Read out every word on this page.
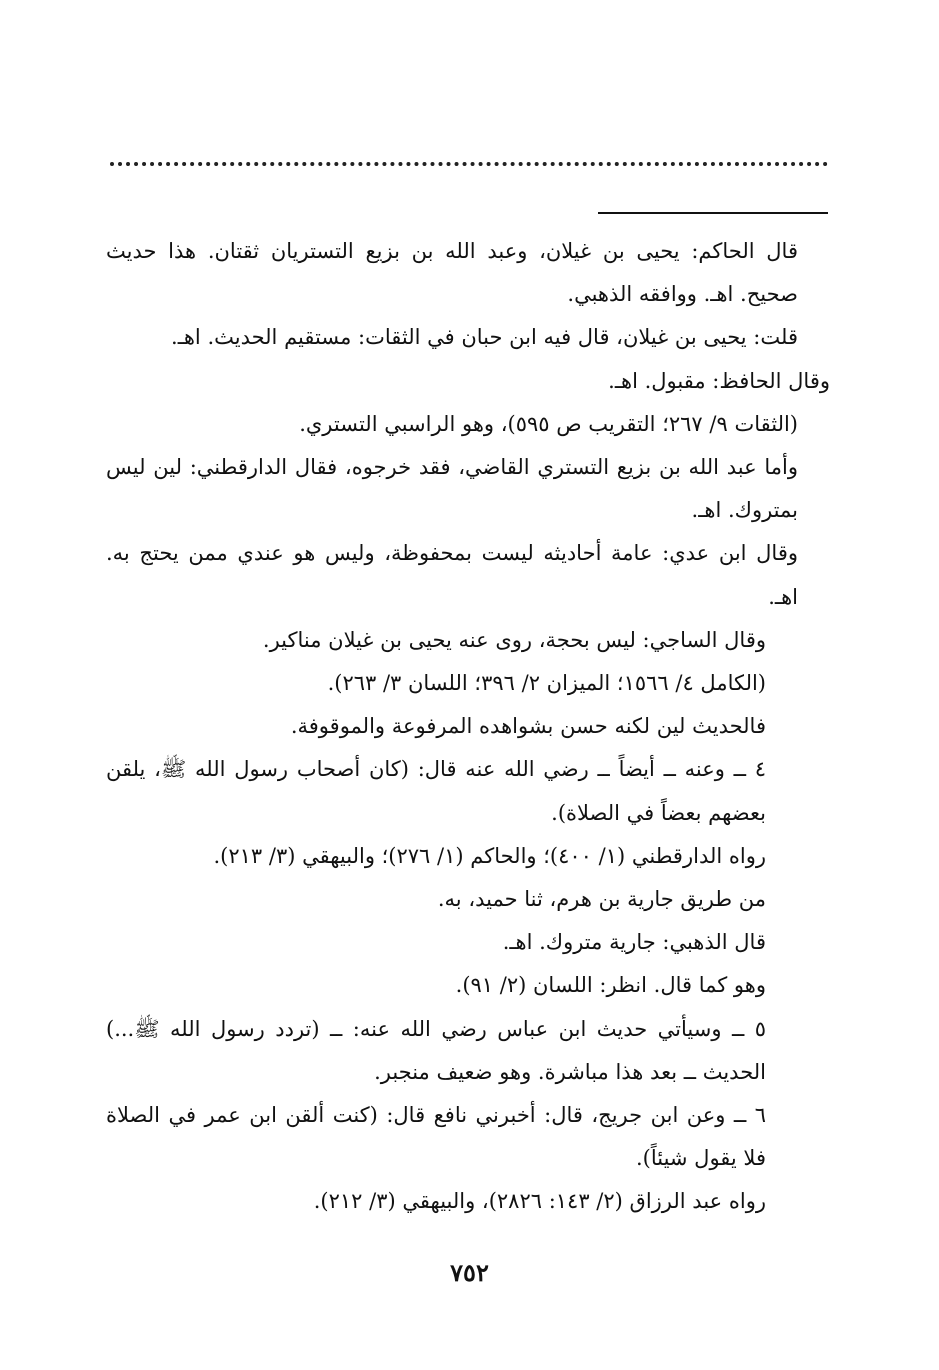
قال الحاكم: يحيى بن غيلان، وعبد الله بن بزيع التستريان ثقتان. هذا حديث صحيح. اهـ. ووافقه الذهبي.

قلت: يحيى بن غيلان، قال فيه ابن حبان في الثقات: مستقيم الحديث. اهـ.

وقال الحافظ: مقبول. اهـ.

(الثقات ٩/ ٢٦٧؛ التقريب ص ٥٩٥)، وهو الراسبي التستري.

وأما عبد الله بن بزيع التستري القاضي، فقد خرجوه، فقال الدارقطني: لين ليس بمتروك. اهـ.

وقال ابن عدي: عامة أحاديثه ليست بمحفوظة، وليس هو عندي ممن يحتج به. اهـ.

وقال الساجي: ليس بحجة، روى عنه يحيى بن غيلان مناكير.

(الكامل ٤/ ١٥٦٦؛ الميزان ٢/ ٣٩٦؛ اللسان ٣/ ٢٦٣).

فالحديث لين لكنه حسن بشواهده المرفوعة والموقوفة.

٤ ــ وعنه ــ أيضاً ــ رضي الله عنه قال: (كان أصحاب رسول الله ﷺ، يلقن بعضهم بعضاً في الصلاة).

رواه الدارقطني (١/ ٤٠٠)؛ والحاكم (١/ ٢٧٦)؛ والبيهقي (٣/ ٢١٣).

من طريق جارية بن هرم، ثنا حميد، به.

قال الذهبي: جارية متروك. اهـ.

وهو كما قال. انظر: اللسان (٢/ ٩١).

٥ ــ وسيأتي حديث ابن عباس رضي الله عنه: ــ (تردد رسول الله ﷺ...) الحديث ــ بعد هذا مباشرة. وهو ضعيف منجبر.

٦ ــ وعن ابن جريج، قال: أخبرني نافع قال: (كنت ألقن ابن عمر في الصلاة فلا يقول شيئاً).

رواه عبد الرزاق (٢/ ١٤٣: ٢٨٢٦)، والبيهقي (٣/ ٢١٢).

٧٥٢
